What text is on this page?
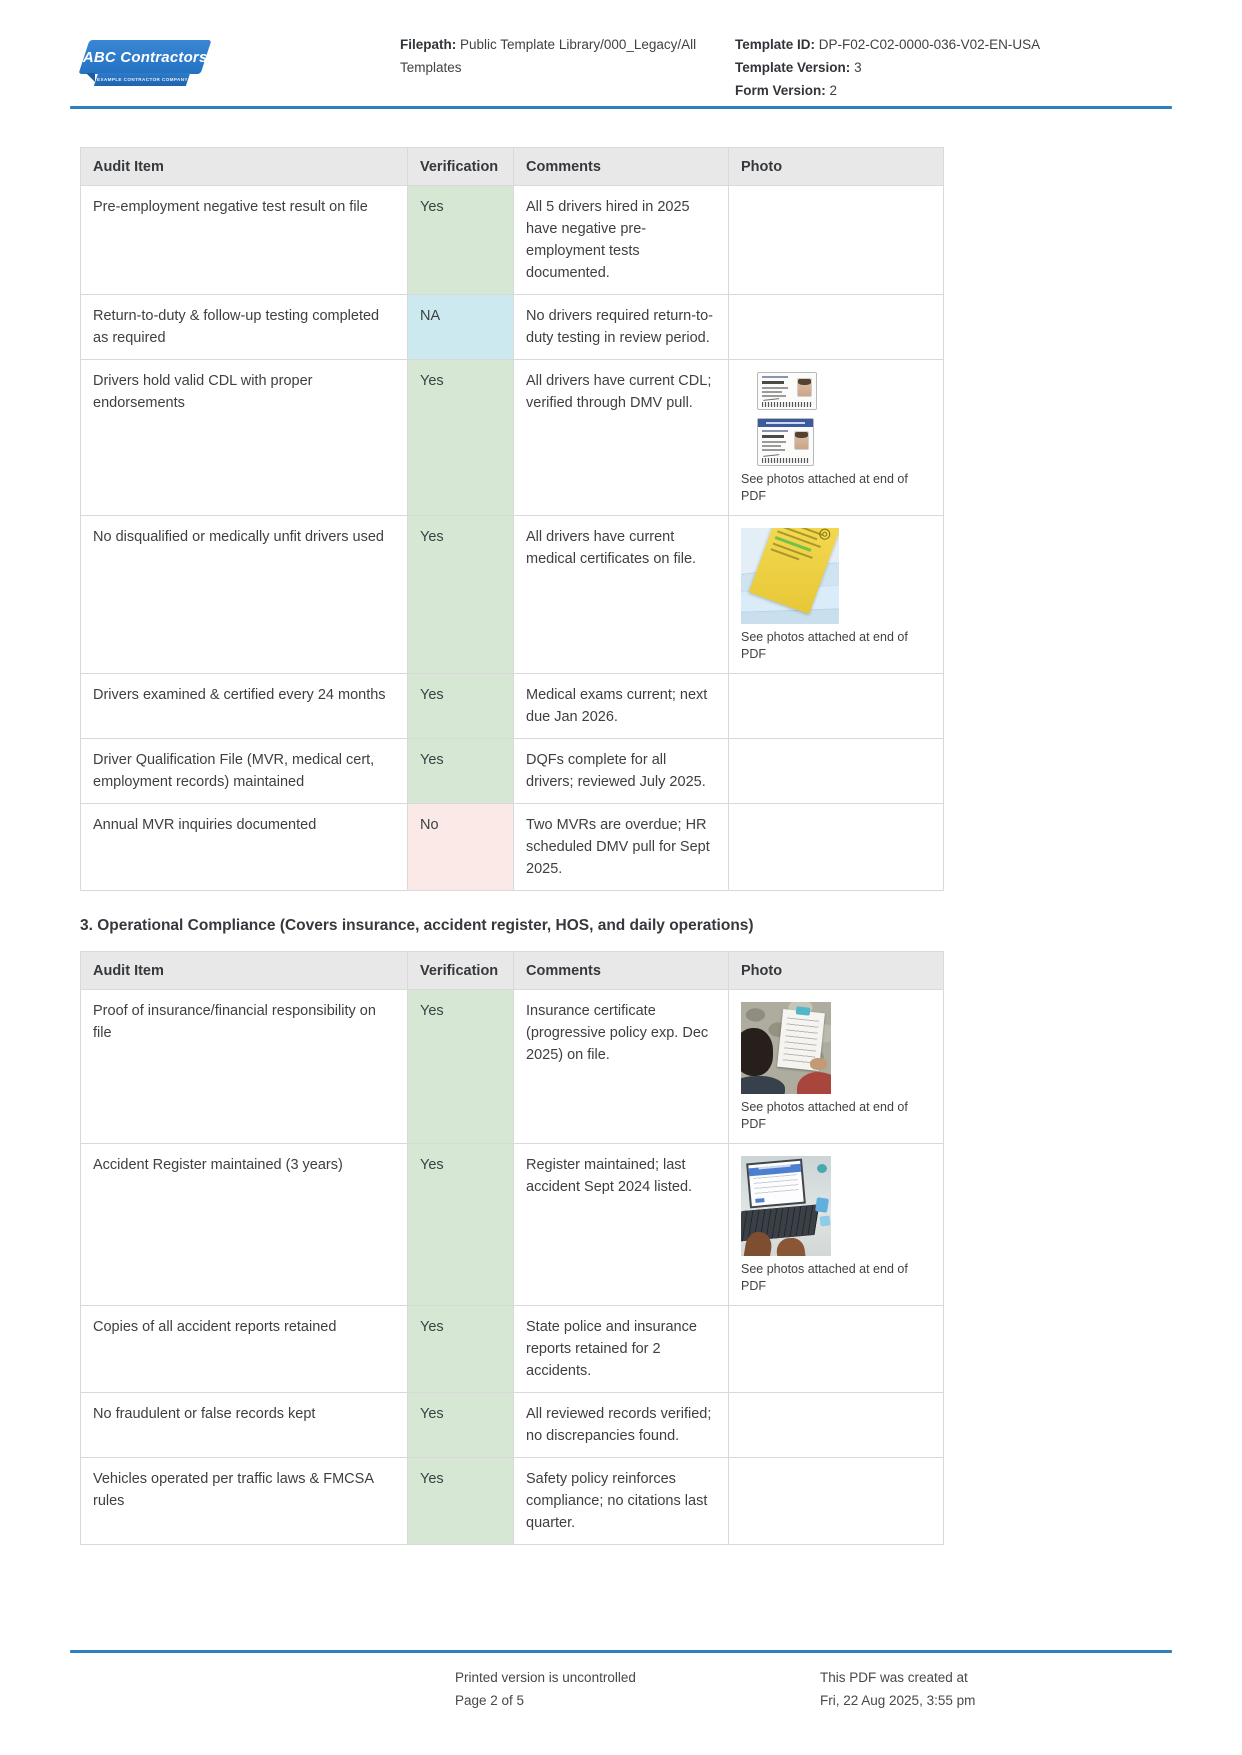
ABC Contractors
EXAMPLE CONTRACTOR COMPANY
Filepath: Public Template Library/000_Legacy/All Templates
Template ID: DP-F02-C02-0000-036-V02-EN-USA
Template Version: 3
Form Version: 2
Audit Item	Verification	Comments	Photo
Pre-employment negative test result on file	Yes	All 5 drivers hired in 2025 have negative pre-employment tests documented.	
Return-to-duty & follow-up testing completed as required	NA	No drivers required return-to-duty testing in review period.	
Drivers hold valid CDL with proper endorsements	Yes	All drivers have current CDL; verified through DMV pull.	See photos attached at end of PDF

No disqualified or medically unfit drivers used	Yes	All drivers have current medical certificates on file.	See photos attached at end of PDF

Drivers examined & certified every 24 months	Yes	Medical exams current; next due Jan 2026.	
Driver Qualification File (MVR, medical cert, employment records) maintained	Yes	DQFs complete for all drivers; reviewed July 2025.	
Annual MVR inquiries documented	No	Two MVRs are overdue; HR scheduled DMV pull for Sept 2025.	
3. Operational Compliance (Covers insurance, accident register, HOS, and daily operations)
Audit Item	Verification	Comments	Photo
Proof of insurance/financial responsibility on file	Yes	Insurance certificate (progressive policy exp. Dec 2025) on file.	See photos attached at end of PDF

Accident Register maintained (3 years)	Yes	Register maintained; last accident Sept 2024 listed.	See photos attached at end of PDF

Copies of all accident reports retained	Yes	State police and insurance reports retained for 2 accidents.	
No fraudulent or false records kept	Yes	All reviewed records verified; no discrepancies found.	
Vehicles operated per traffic laws & FMCSA rules	Yes	Safety policy reinforces compliance; no citations last quarter.	
Printed version is uncontrolled
Page 2 of 5
This PDF was created at
Fri, 22 Aug 2025, 3:55 pm
